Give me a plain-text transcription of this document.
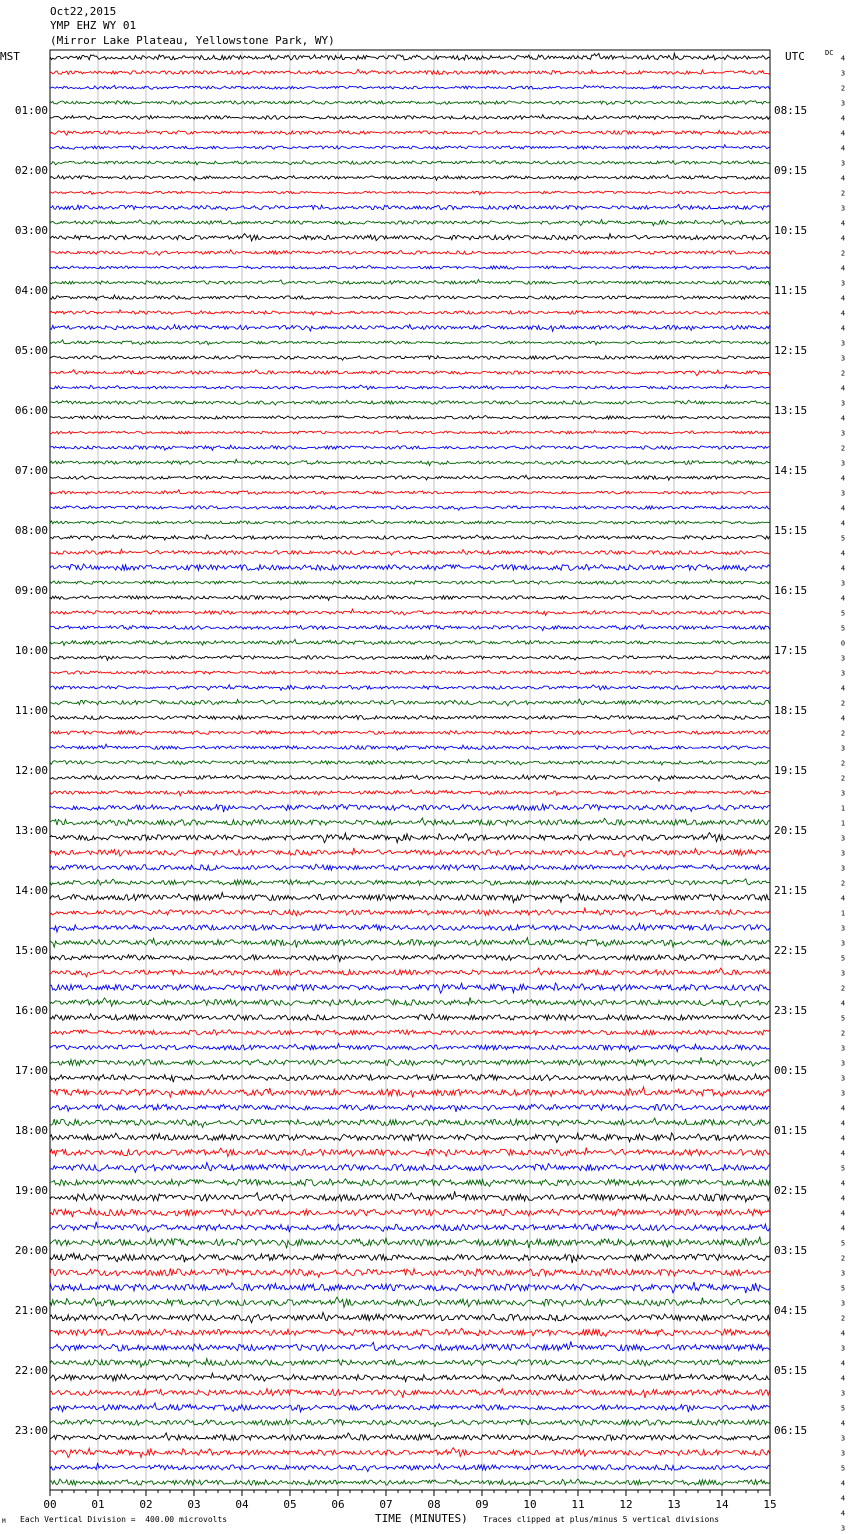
Oct22,2015
YMP EHZ WY 01
(Mirror Lake Plateau, Yellowstone Park, WY)
MST	UTC	DC
01:00
02:00
03:00
04:00
05:00
06:00
07:00
08:00
09:00
10:00
11:00
12:00
13:00
14:00
15:00
16:00
17:00
18:00
19:00
20:00
21:00
22:00
23:00
08:15
09:15
10:15
11:15
12:15
13:15
14:15
15:15
16:15
17:15
18:15
19:15
20:15
21:15
22:15
23:15
00:15
01:15
02:15
03:15
04:15
05:15
06:15
4
3
2
3
4
4
4
3
4
2
3
4
4
2
4
3
4
4
4
3
3
2
4
3
4
3
2
3
4
3
4
4
5
4
4
3
4
5
5
0
3
3
4
2
4
2
3
2
2
3
1
1
3
3
3
2
4
1
3
3
5
3
2
4
5
2
3
3
3
3
4
4
4
4
5
4
4
4
4
5
2
3
5
3
2
4
3
4
4
3
5
4
3
3
5
4
4
4
3
00	01	02	03	04	05	06	07	08	09	10	11	12	13	14	15
M Each Vertical Division =  400.00 microvolts	TIME (MINUTES) Traces clipped at plus/minus 5 vertical divisions
